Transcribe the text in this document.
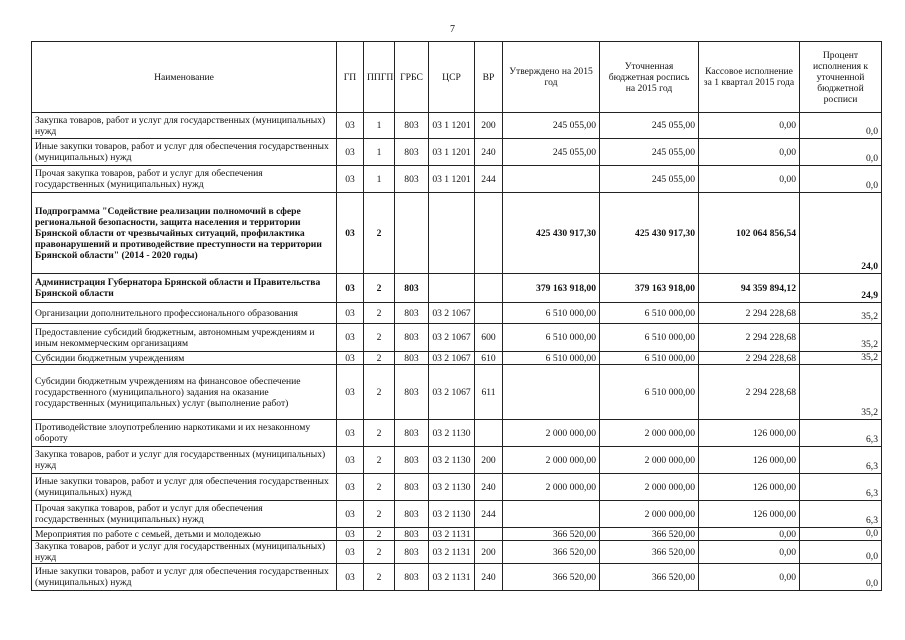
7
Наименование	ГП	ППГП	ГРБС	ЦСР	ВР	Утверждено на 2015 год	Уточненная бюджетная роспись на 2015 год	Кассовое исполнение за 1 квартал 2015 года	Процент исполнения к уточненной бюджетной росписи
Закупка товаров, работ и услуг для государственных (муниципальных) нужд	03	1	803	03 1 1201	200	245 055,00	245 055,00	0,00	0,0
Иные закупки товаров, работ и услуг для обеспечения государственных (муниципальных) нужд	03	1	803	03 1 1201	240	245 055,00	245 055,00	0,00	0,0
Прочая закупка товаров, работ и услуг для обеспечения государственных (муниципальных) нужд	03	1	803	03 1 1201	244		245 055,00	0,00	0,0
Подпрограмма "Содействие реализации полномочий в сфере региональной безопасности, защита населения и территории Брянской области от чрезвычайных ситуаций, профилактика правонарушений и противодействие преступности на территории Брянской области" (2014 - 2020 годы)	03	2				425 430 917,30	425 430 917,30	102 064 856,54	24,0
Администрация Губернатора Брянской области и Правительства Брянской области	03	2	803			379 163 918,00	379 163 918,00	94 359 894,12	24,9
Организации дополнительного профессионального образования	03	2	803	03 2 1067		6 510 000,00	6 510 000,00	2 294 228,68	35,2
Предоставление субсидий бюджетным, автономным учреждениям и иным некоммерческим организациям	03	2	803	03 2 1067	600	6 510 000,00	6 510 000,00	2 294 228,68	35,2
Субсидии бюджетным учреждениям	03	2	803	03 2 1067	610	6 510 000,00	6 510 000,00	2 294 228,68	35,2
Субсидии бюджетным учреждениям на финансовое обеспечение государственного (муниципального) задания на оказание государственных (муниципальных) услуг (выполнение работ)	03	2	803	03 2 1067	611		6 510 000,00	2 294 228,68	35,2
Противодействие злоупотреблению наркотиками и их незаконному обороту	03	2	803	03 2 1130		2 000 000,00	2 000 000,00	126 000,00	6,3
Закупка товаров, работ и услуг для государственных (муниципальных) нужд	03	2	803	03 2 1130	200	2 000 000,00	2 000 000,00	126 000,00	6,3
Иные закупки товаров, работ и услуг для обеспечения государственных (муниципальных) нужд	03	2	803	03 2 1130	240	2 000 000,00	2 000 000,00	126 000,00	6,3
Прочая закупка товаров, работ и услуг для обеспечения государственных (муниципальных) нужд	03	2	803	03 2 1130	244		2 000 000,00	126 000,00	6,3
Мероприятия по работе с семьей, детьми и молодежью	03	2	803	03 2 1131		366 520,00	366 520,00	0,00	0,0
Закупка товаров, работ и услуг для государственных (муниципальных) нужд	03	2	803	03 2 1131	200	366 520,00	366 520,00	0,00	0,0
Иные закупки товаров, работ и услуг для обеспечения государственных (муниципальных) нужд	03	2	803	03 2 1131	240	366 520,00	366 520,00	0,00	0,0
